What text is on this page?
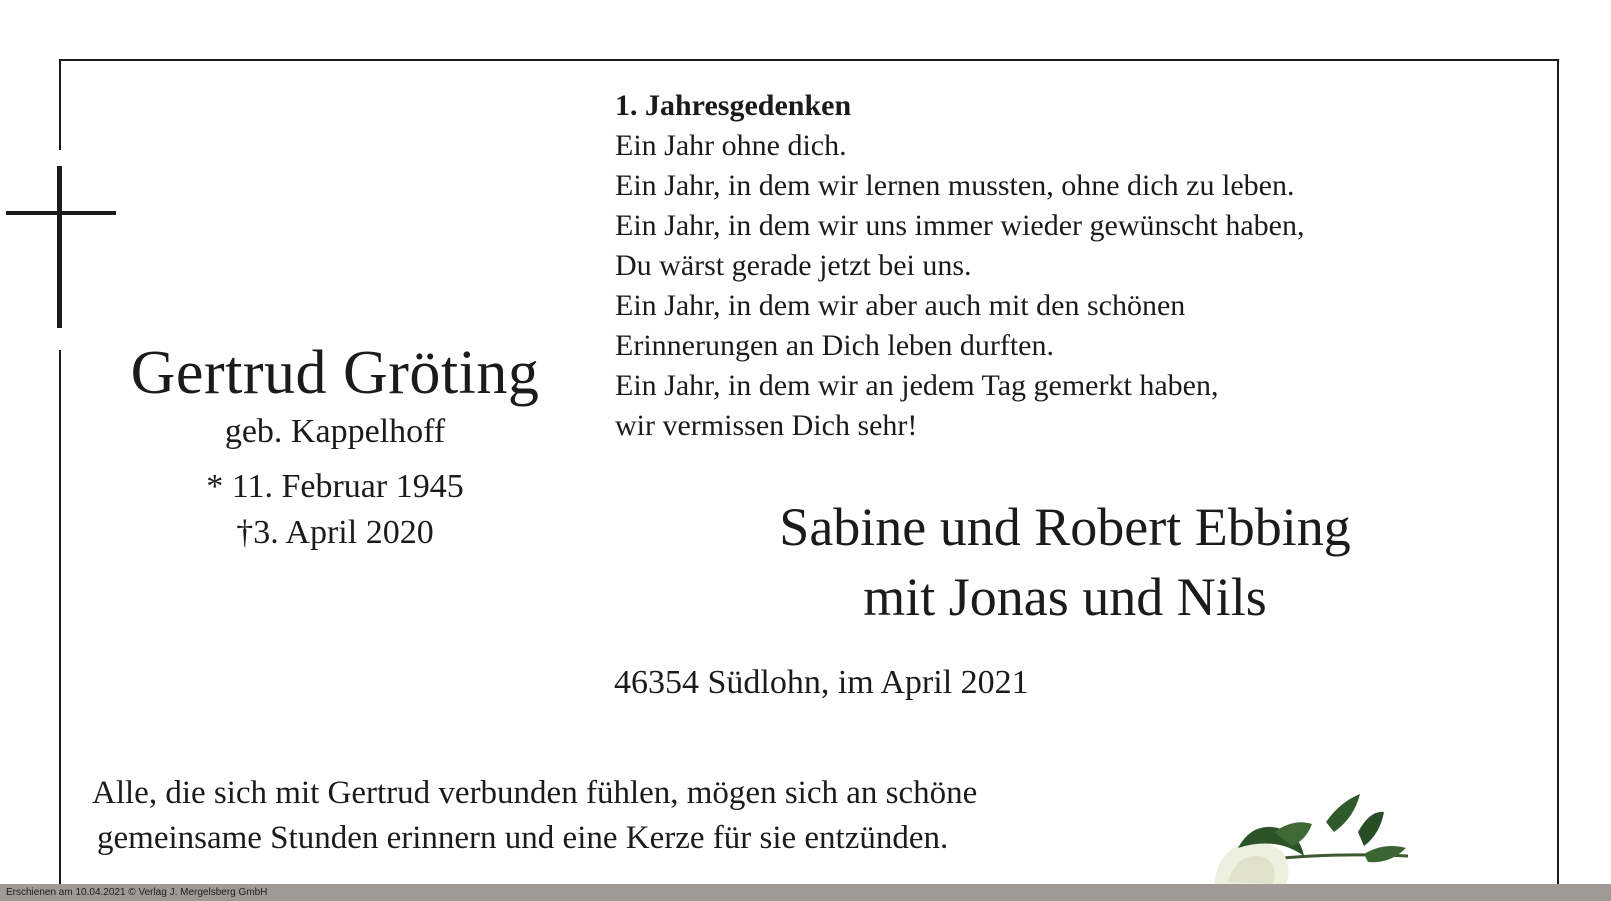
Gertrud Gröting
geb. Kappelhoff
* 11. Februar 1945
†3. April 2020
1. Jahresgedenken
Ein Jahr ohne dich.
Ein Jahr, in dem wir lernen mussten, ohne dich zu leben.
Ein Jahr, in dem wir uns immer wieder gewünscht haben,
Du wärst gerade jetzt bei uns.
Ein Jahr, in dem wir aber auch mit den schönen
Erinnerungen an Dich leben durften.
Ein Jahr, in dem wir an jedem Tag gemerkt haben,
wir vermissen Dich sehr!
Sabine und Robert Ebbing
mit Jonas und Nils
46354 Südlohn, im April 2021
Alle, die sich mit Gertrud verbunden fühlen, mögen sich an schöne
gemeinsame Stunden erinnern und eine Kerze für sie entzünden.
Erschienen am 10.04.2021 © Verlag J. Mergelsberg GmbH
